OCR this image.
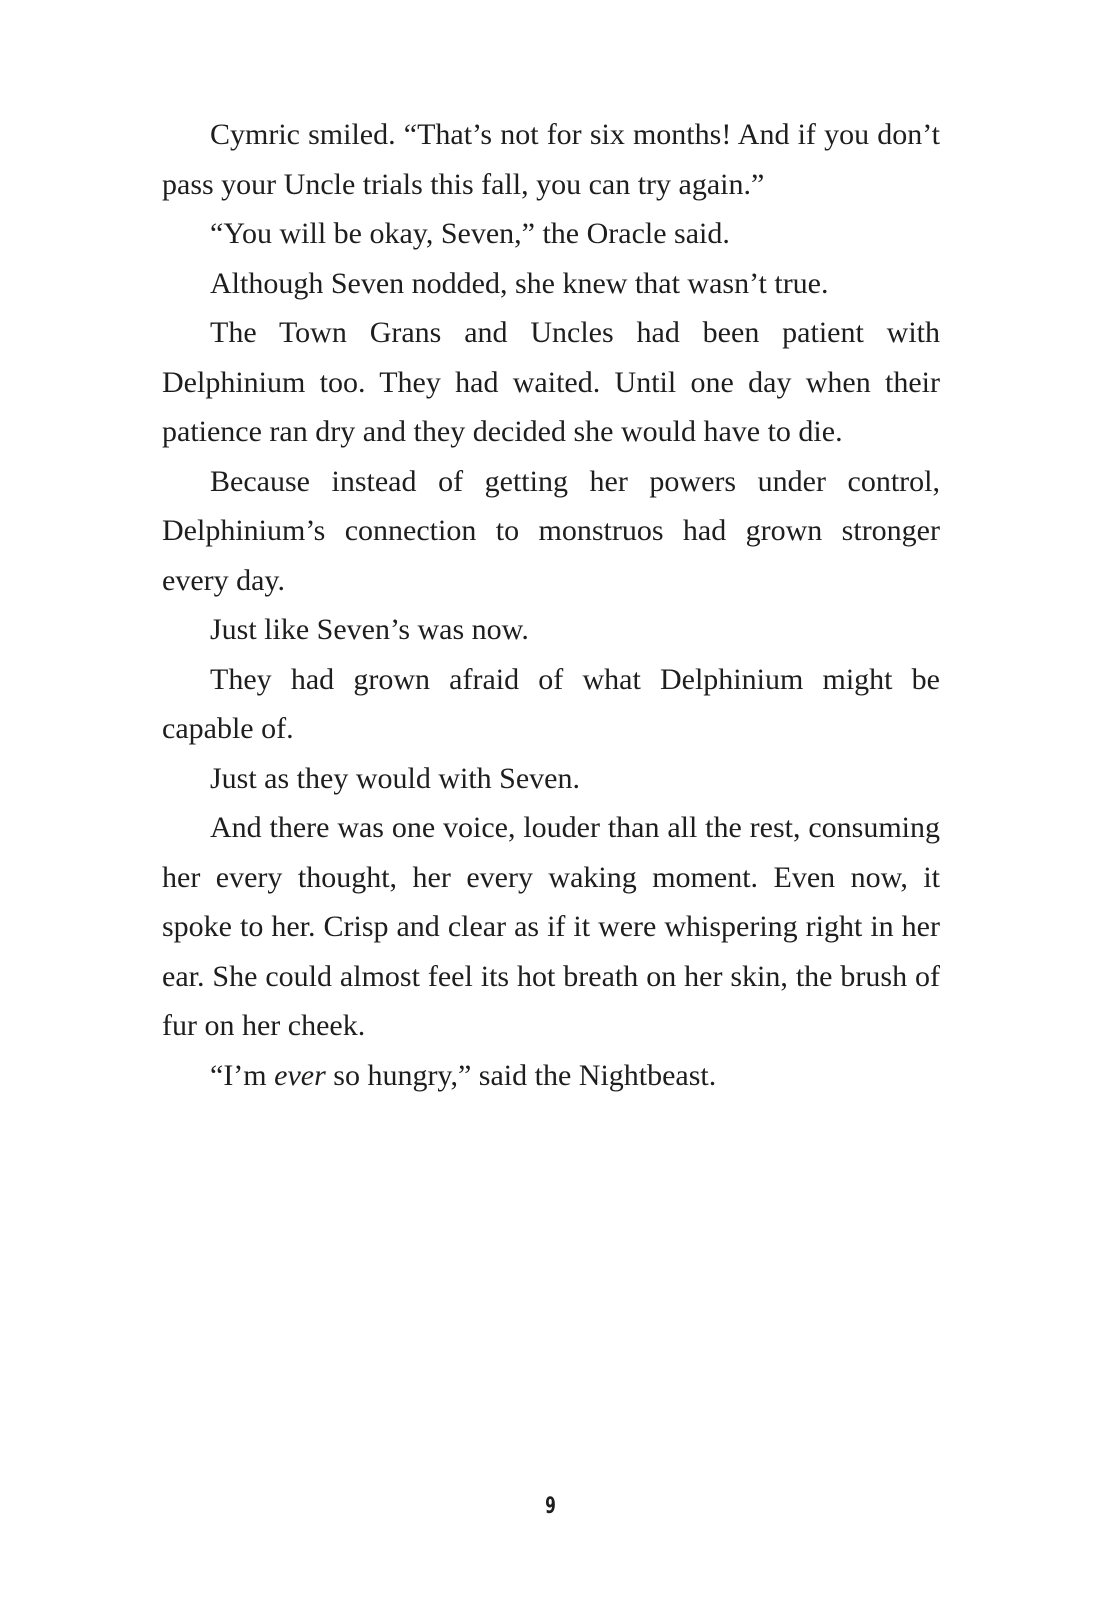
Cymric smiled. “That’s not for six months! And if you don’t pass your Uncle trials this fall, you can try again.”

“You will be okay, Seven,” the Oracle said.

Although Seven nodded, she knew that wasn’t true.

The Town Grans and Uncles had been patient with Delphinium too. They had waited. Until one day when their patience ran dry and they decided she would have to die.

Because instead of getting her powers under control, Delphinium’s connection to monstruos had grown stronger every day.

Just like Seven’s was now.

They had grown afraid of what Delphinium might be capable of.

Just as they would with Seven.

And there was one voice, louder than all the rest, consuming her every thought, her every waking moment. Even now, it spoke to her. Crisp and clear as if it were whispering right in her ear. She could almost feel its hot breath on her skin, the brush of fur on her cheek.

“I’m ever so hungry,” said the Nightbeast.

9
